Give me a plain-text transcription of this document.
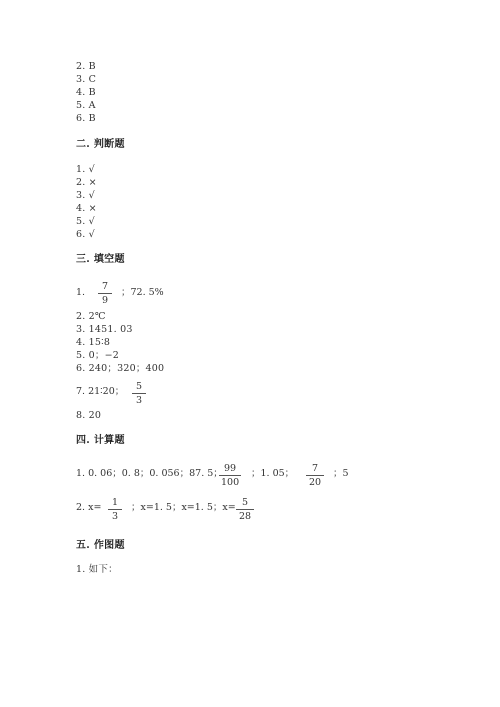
2. B
3. C
4. B
5. A
6. B
二. 判断题
1. √
2. ×
3. √
4. ×
5. √
6. √
三. 填空题
1.
7
9
；72. 5%
2. 2℃
3. 1451. 03
4. 15∶8
5. 0；−2
6. 240；320；400
7. 21∶20；	5
3
8. 20
四. 计算题
1. 0. 06；0. 8；0. 056；87. 5； 99
100
；1. 05；	7
20
；5
2. x=	1
3
；x=1. 5；x=1. 5；x= 5
28
五. 作图题
1. 如下：
